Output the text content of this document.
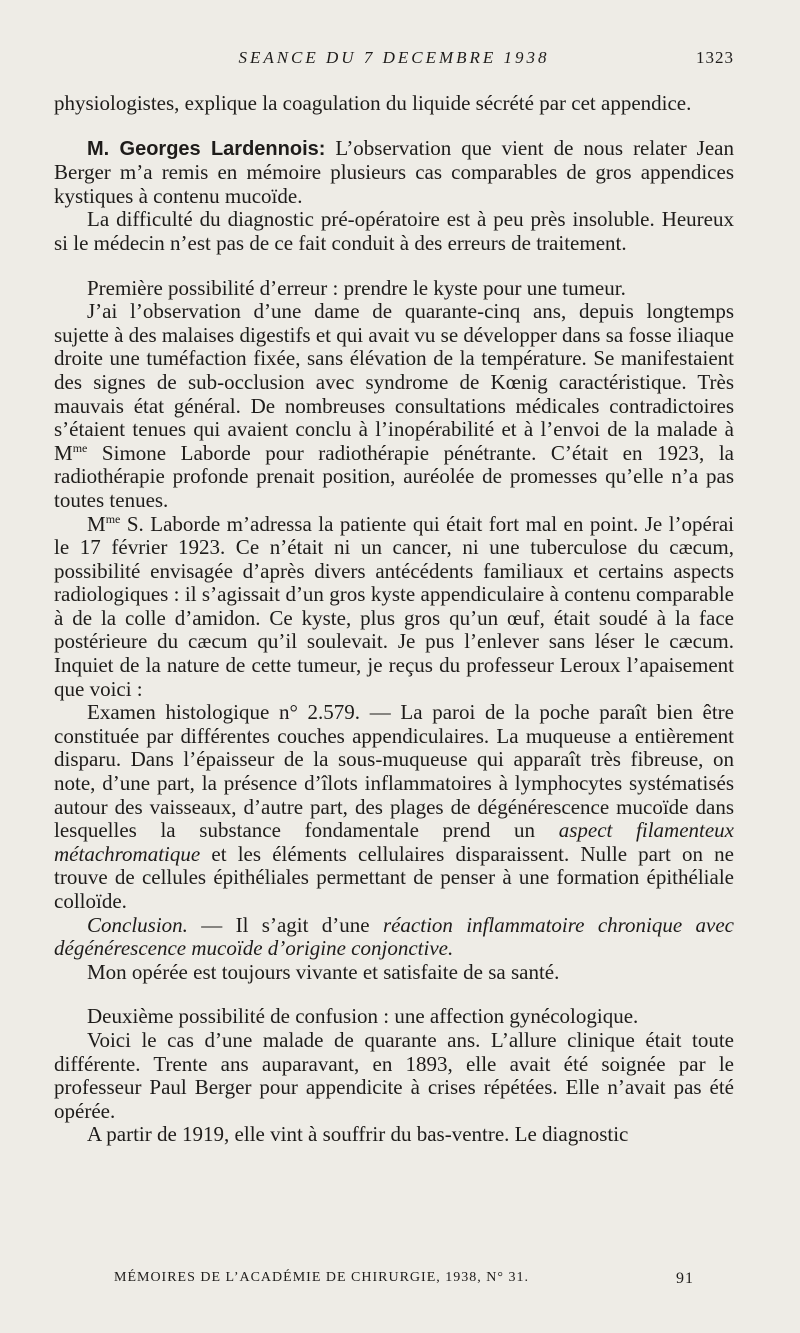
SEANCE DU 7 DECEMBRE 1938	1323

physiologistes, explique la coagulation du liquide sécrété par cet appendice.

M. Georges Lardennois: L’observation que vient de nous relater Jean Berger m’a remis en mémoire plusieurs cas comparables de gros appendices kystiques à contenu mucoïde.

La difficulté du diagnostic pré-opératoire est à peu près insoluble. Heureux si le médecin n’est pas de ce fait conduit à des erreurs de traitement.

Première possibilité d’erreur : prendre le kyste pour une tumeur.

J’ai l’observation d’une dame de quarante-cinq ans, depuis longtemps sujette à des malaises digestifs et qui avait vu se développer dans sa fosse iliaque droite une tuméfaction fixée, sans élévation de la température. Se manifestaient des signes de sub-occlusion avec syndrome de Kœnig caractéristique. Très mauvais état général. De nombreuses consultations médicales contradictoires s’étaient tenues qui avaient conclu à l’inopérabilité et à l’envoi de la malade à $M^{me}$ Simone Laborde pour radiothérapie pénétrante. C’était en 1923, la radiothérapie profonde prenait position, auréolée de promesses qu’elle n’a pas toutes tenues.

$M^{me}$ S. Laborde m’adressa la patiente qui était fort mal en point. Je l’opérai le 17 février 1923. Ce n’était ni un cancer, ni une tuberculose du cæcum, possibilité envisagée d’après divers antécédents familiaux et certains aspects radiologiques : il s’agissait d’un gros kyste appendiculaire à contenu comparable à de la colle d’amidon. Ce kyste, plus gros qu’un œuf, était soudé à la face postérieure du cæcum qu’il soulevait. Je pus l’enlever sans léser le cæcum. Inquiet de la nature de cette tumeur, je reçus du professeur Leroux l’apaisement que voici :

Examen histologique n° 2.579. — La paroi de la poche paraît bien être constituée par différentes couches appendiculaires. La muqueuse a entièrement disparu. Dans l’épaisseur de la sous-muqueuse qui apparaît très fibreuse, on note, d’une part, la présence d’îlots inflammatoires à lymphocytes systématisés autour des vaisseaux, d’autre part, des plages de dégénérescence mucoïde dans lesquelles la substance fondamentale prend un aspect filamenteux métachromatique et les éléments cellulaires disparaissent. Nulle part on ne trouve de cellules épithéliales permettant de penser à une formation épithéliale colloïde.

Conclusion. — Il s’agit d’une réaction inflammatoire chronique avec dégénérescence mucoïde d’origine conjonctive.

Mon opérée est toujours vivante et satisfaite de sa santé.

Deuxième possibilité de confusion : une affection gynécologique.

Voici le cas d’une malade de quarante ans. L’allure clinique était toute différente. Trente ans auparavant, en 1893, elle avait été soignée par le professeur Paul Berger pour appendicite à crises répétées. Elle n’avait pas été opérée.

A partir de 1919, elle vint à souffrir du bas-ventre. Le diagnostic

MÉMOIRES DE L’ACADÉMIE DE CHIRURGIE, 1938, N° 31.	91
